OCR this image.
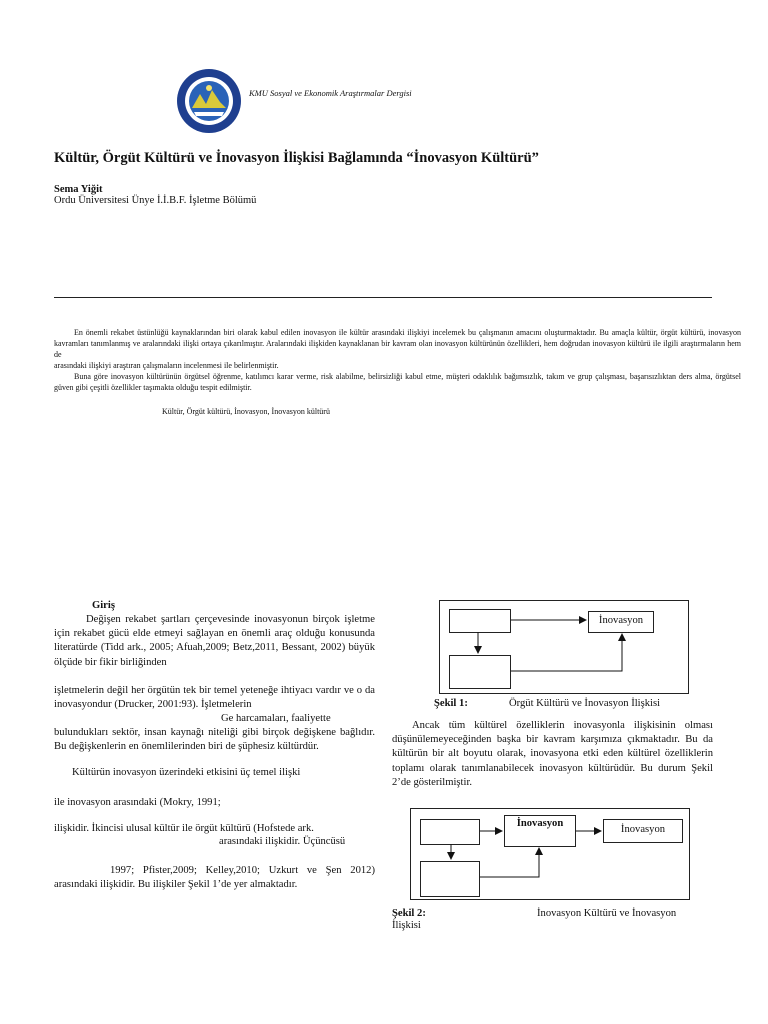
KMU Sosyal ve Ekonomik Araştırmalar Dergisi
Kültür, Örgüt Kültürü ve İnovasyon İlişkisi Bağlamında “İnovasyon Kültürü”
Sema Yiğit
Ordu Üniversitesi Ünye İ.İ.B.F. İşletme Bölümü

En önemli rekabet üstünlüğü kaynaklarından biri olarak kabul edilen inovasyon ile kültür arasındaki ilişkiyi incelemek bu çalışmanın amacını oluşturmaktadır. Bu amaçla kültür, örgüt kültürü, inovasyon kavramları tanımlanmış ve aralarındaki ilişki ortaya çıkarılmıştır. Aralarındaki ilişkiden kaynaklanan bir kavram olan inovasyon kültürünün özellikleri, hem doğrudan inovasyon kültürü ile ilgili araştırmaların hem de

arasındaki ilişkiyi araştıran çalışmaların incelenmesi ile belirlenmiştir.

Buna göre inovasyon kültürünün örgütsel öğrenme, katılımcı karar verme, risk alabilme, belirsizliği kabul etme, müşteri odaklılık bağımsızlık, takım ve grup çalışması, başarısızlıktan ders alma, örgütsel güven gibi çeşitli özellikler taşımakta olduğu tespit edilmiştir.

Kültür, Örgüt kültürü, İnovasyon, İnovasyon kültürü
Giriş
Değişen rekabet şartları çerçevesinde inovasyonun birçok işletme için rekabet gücü elde etmeyi sağlayan en önemli araç olduğu konusunda literatürde (Tidd ark., 2005; Afuah,2009; Betz,2011, Bessant, 2002) büyük ölçüde bir fikir birliğinden
işletmelerin değil her örgütün tek bir temel yeteneğe ihtiyacı vardır ve o da inovasyondur (Drucker, 2001:93). İşletmelerin
Ge harcamaları, faaliyette
bulundukları sektör, insan kaynağı niteliği gibi birçok değişkene bağlıdır. Bu değişkenlerin en önemlilerinden biri de şüphesiz kültürdür.
Kültürün inovasyon üzerindeki etkisini üç temel ilişki
ile inovasyon arasındaki (Mokry, 1991;
ilişkidir. İkincisi ulusal kültür ile örgüt kültürü (Hofstede ark.
arasındaki ilişkidir. Üçüncüsü
1997; Pfister,2009; Kelley,2010; Uzkurt ve Şen 2012) arasındaki ilişkidir. Bu ilişkiler Şekil 1’de yer almaktadır.
İnovasyon
Şekil 1:	Örgüt Kültürü ve İnovasyon İlişkisi
Ancak tüm kültürel özelliklerin inovasyonla ilişkisinin olması düşünülemeyeceğinden başka bir kavram karşımıza çıkmaktadır. Bu da kültürün bir alt boyutu olarak, inovasyona etki eden kültürel özelliklerin toplamı olarak tanımlanabilecek inovasyon kültürüdür. Bu durum Şekil 2’de gösterilmiştir.
İnovasyon
İnovasyon
Şekil 2:	İnovasyon Kültürü ve İnovasyon
İlişkisi
